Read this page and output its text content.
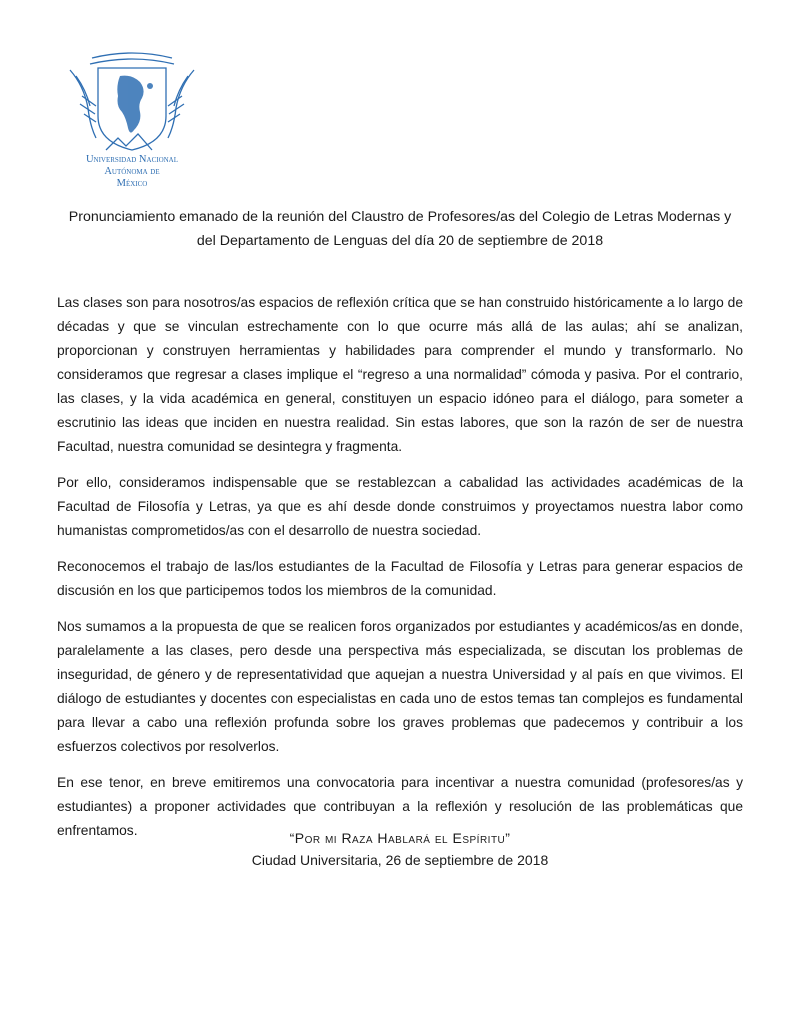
Universidad Nacional
Autónoma de
México
Pronunciamiento emanado de la reunión del Claustro de Profesores/as del Colegio de Letras Modernas y
del Departamento de Lenguas del día 20 de septiembre de 2018

Las clases son para nosotros/as espacios de reflexión crítica que se han construido históricamente a lo largo de décadas y que se vinculan estrechamente con lo que ocurre más allá de las aulas; ahí se analizan, proporcionan y construyen herramientas y habilidades para comprender el mundo y transformarlo. No consideramos que regresar a clases implique el “regreso a una normalidad” cómoda y pasiva. Por el contrario, las clases, y la vida académica en general, constituyen un espacio idóneo para el diálogo, para someter a escrutinio las ideas que inciden en nuestra realidad. Sin estas labores, que son la razón de ser de nuestra Facultad, nuestra comunidad se desintegra y fragmenta.

Por ello, consideramos indispensable que se restablezcan a cabalidad las actividades académicas de la Facultad de Filosofía y Letras, ya que es ahí desde donde construimos y proyectamos nuestra labor como humanistas comprometidos/as con el desarrollo de nuestra sociedad.

Reconocemos el trabajo de las/los estudiantes de la Facultad de Filosofía y Letras para generar espacios de discusión en los que participemos todos los miembros de la comunidad.

Nos sumamos a la propuesta de que se realicen foros organizados por estudiantes y académicos/as en donde, paralelamente a las clases, pero desde una perspectiva más especializada, se discutan los problemas de inseguridad, de género y de representatividad que aquejan a nuestra Universidad y al país en que vivimos. El diálogo de estudiantes y docentes con especialistas en cada uno de estos temas tan complejos es fundamental para llevar a cabo una reflexión profunda sobre los graves problemas que padecemos y contribuir a los esfuerzos colectivos por resolverlos.

En ese tenor, en breve emitiremos una convocatoria para incentivar a nuestra comunidad (profesores/as y estudiantes) a proponer actividades que contribuyan a la reflexión y resolución de las problemáticas que enfrentamos.	“Por mi Raza Hablará el Espíritu”
Ciudad Universitaria, 26 de septiembre de 2018
